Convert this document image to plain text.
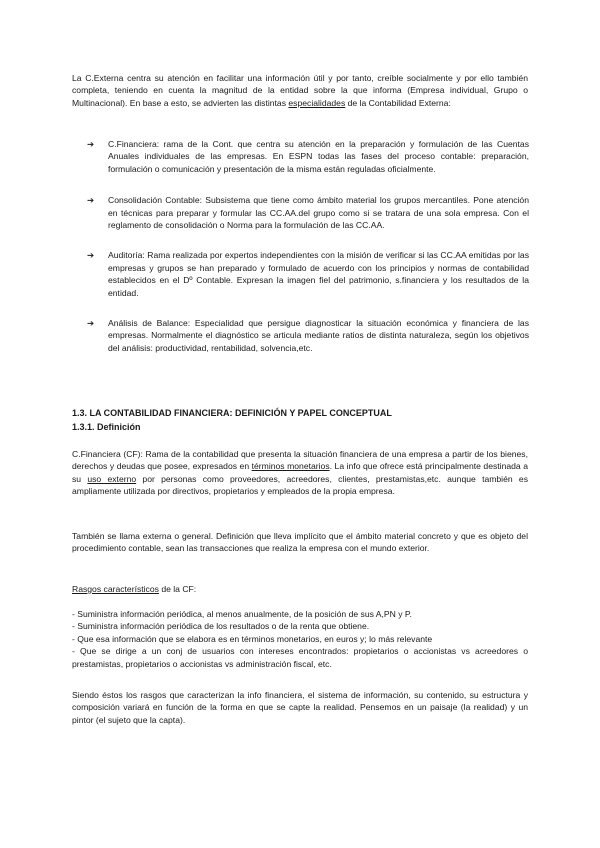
La C.Externa centra su atención en facilitar una información útil y por tanto, creíble socialmente y por ello también completa, teniendo en cuenta la magnitud de la entidad sobre la que informa (Empresa individual, Grupo o Multinacional). En base a esto, se advierten las distintas especialidades de la Contabilidad Externa:

➔ C.Financiera: rama de la Cont. que centra su atención en la preparación y formulación de las Cuentas Anuales individuales de las empresas. En ESPN todas las fases del proceso contable: preparación, formulación o comunicación y presentación de la misma están reguladas oficialmente.
➔ Consolidación Contable: Subsistema que tiene como ámbito material los grupos mercantiles. Pone atención en técnicas para preparar y formular las CC.AA.del grupo como si se tratara de una sola empresa. Con el reglamento de consolidación o Norma para la formulación de las CC.AA.
➔ Auditoría: Rama realizada por expertos independientes con la misión de verificar si las CC.AA emitidas por las empresas y grupos se han preparado y formulado de acuerdo con los principios y normas de contabilidad establecidos en el Dº Contable. Expresan la imagen fiel del patrimonio, s.financiera y los resultados de la entidad.
➔ Análisis de Balance: Especialidad que persigue diagnosticar la situación económica y financiera de las empresas. Normalmente el diagnóstico se articula mediante ratios de distinta naturaleza, según los objetivos del análisis: productividad, rentabilidad, solvencia,etc.
1.3. LA CONTABILIDAD FINANCIERA: DEFINICIÓN Y PAPEL CONCEPTUAL
1.3.1. Definición

C.Financiera (CF): Rama de la contabilidad que presenta la situación financiera de una empresa a partir de los bienes, derechos y deudas que posee, expresados en términos monetarios. La info que ofrece está principalmente destinada a su uso externo por personas como proveedores, acreedores, clientes, prestamistas,etc. aunque también es ampliamente utilizada por directivos, propietarios y empleados de la propia empresa.

También se llama externa o general. Definición que lleva implícito que el ámbito material concreto y que es objeto del procedimiento contable, sean las transacciones que realiza la empresa con el mundo exterior.

Rasgos característicos de la CF:

- Suministra información periódica, al menos anualmente, de la posición de sus A,PN y P.
- Suministra información periódica de los resultados o de la renta que obtiene.
- Que esa información que se elabora es en términos monetarios, en euros y; lo más relevante
- Que se dirige a un conj de usuarios con intereses encontrados: propietarios o accionistas vs acreedores o prestamistas, propietarios o accionistas vs administración fiscal, etc.

Siendo éstos los rasgos que caracterizan la info financiera, el sistema de información, su contenido, su estructura y composición variará en función de la forma en que se capte la realidad. Pensemos en un paisaje (la realidad) y un pintor (el sujeto que la capta).
